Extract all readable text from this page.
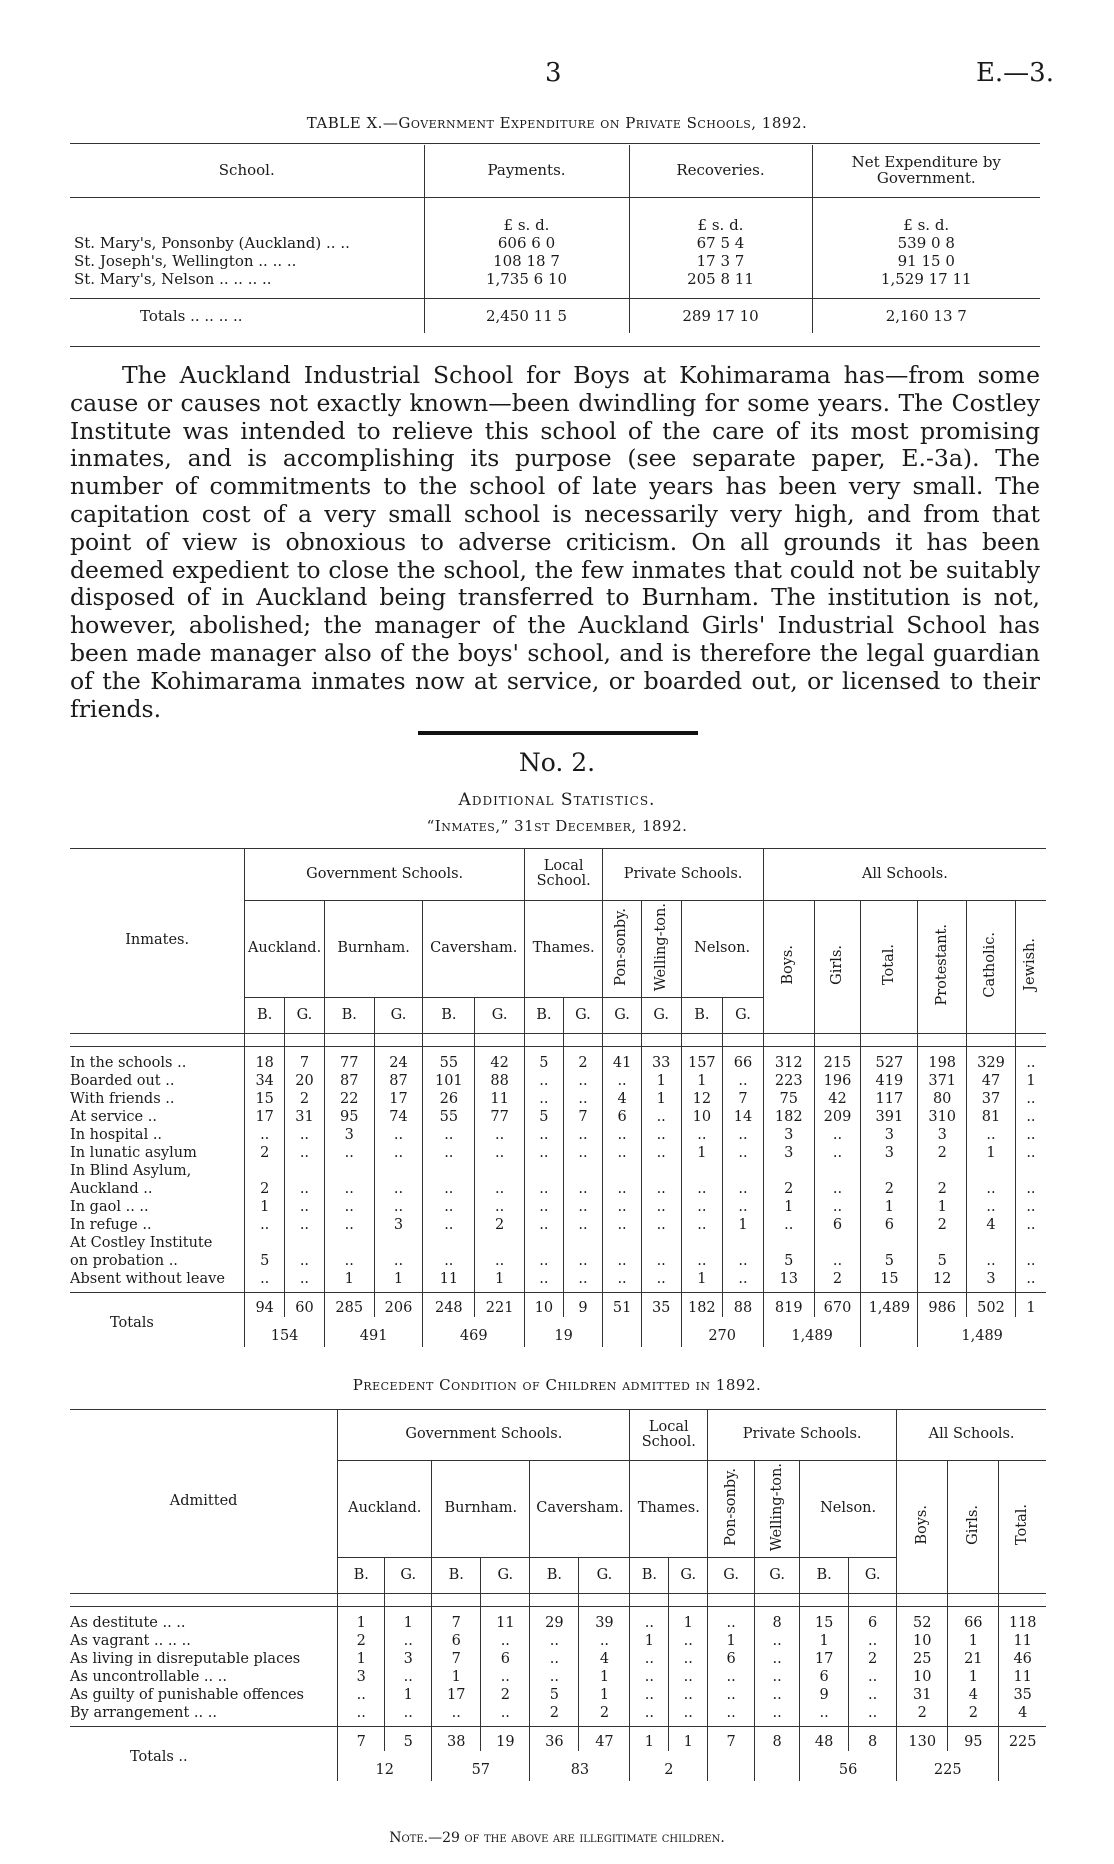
3	E.—3.
TABLE X.—Government Expenditure on Private Schools, 1892.
School.	Payments.	Recoveries.	Net Expenditure by Government.
	£ s. d.	£ s. d.	£ s. d.
St. Mary's, Ponsonby (Auckland) .. ..	606 6 0	67 5 4	539 0 8
St. Joseph's, Wellington .. .. ..	108 18 7	17 3 7	91 15 0
St. Mary's, Nelson .. .. .. ..	1,735 6 10	205 8 11	1,529 17 11
Totals .. .. .. ..	2,450 11 5	289 17 10	2,160 13 7

The Auckland Industrial School for Boys at Kohimarama has—from some cause or causes not exactly known—been dwindling for some years. The Costley Institute was intended to relieve this school of the care of its most promising inmates, and is accomplishing its purpose (see separate paper, E.-3a). The number of commitments to the school of late years has been very small. The capitation cost of a very small school is necessarily very high, and from that point of view is obnoxious to adverse criticism. On all grounds it has been deemed expedient to close the school, the few inmates that could not be suitably disposed of in Auckland being transferred to Burnham. The institution is not, however, abolished; the manager of the Auckland Girls' Industrial School has been made manager also of the boys' school, and is therefore the legal guardian of the Kohimarama inmates now at service, or boarded out, or licensed to their friends.

No. 2.
Additional Statistics.
“Inmates,” 31st December, 1892.
Inmates.	Government Schools.						Local School.		Private Schools.				All Schools.					
	Auckland.		Burnham.		Caversham.		Thames.		Pon-sonby.	Welling-ton.	Nelson.		Boys.	Girls.	Total.	Protestant.	Catholic.	Jewish.
	B.	G.	B.	G.	B.	G.	B.	G.	G.	G.	B.	G.						
In the schools ..	18	7	77	24	55	42	5	2	41	33	157	66	312	215	527	198	329	..
Boarded out ..	34	20	87	87	101	88	..	..	..	1	1	..	223	196	419	371	47	1
With friends ..	15	2	22	17	26	11	..	..	4	1	12	7	75	42	117	80	37	..
At service ..	17	31	95	74	55	77	5	7	6	..	10	14	182	209	391	310	81	..
In hospital ..	..	..	3	..	..	..	..	..	..	..	..	..	3	..	3	3	..	..
In lunatic asylum	2	..	..	..	..	..	..	..	..	..	1	..	3	..	3	2	1	..
In Blind Asylum,																		
Auckland ..	2	..	..	..	..	..	..	..	..	..	..	..	2	..	2	2	..	..
In gaol .. ..	1	..	..	..	..	..	..	..	..	..	..	..	1	..	1	1	..	..
In refuge ..	..	..	..	3	..	2	..	..	..	..	..	1	..	6	6	2	4	..
At Costley Institute																		
on probation ..	5	..	..	..	..	..	..	..	..	..	..	..	5	..	5	5	..	..
Absent without leave	..	..	1	1	11	1	..	..	..	..	1	..	13	2	15	12	3	..
Totals	94	60	285	206	248	221	10	9	51	35	182	88	819	670	1,489	986	502	1
	154		491		469		19				270		1,489			1,489		
Precedent Condition of Children admitted in 1892.
Admitted	Government Schools.						Local School.		Private Schools.				All Schools.		
	Auckland.		Burnham.		Caversham.		Thames.		Pon-sonby.	Welling-ton.	Nelson.		Boys.	Girls.	Total.
	B.	G.	B.	G.	B.	G.	B.	G.	G.	G.	B.	G.			
As destitute .. ..	1	1	7	11	29	39	..	1	..	8	15	6	52	66	118
As vagrant .. .. ..	2	..	6	..	..	..	1	..	1	..	1	..	10	1	11
As living in disreputable places	1	3	7	6	..	4	..	..	6	..	17	2	25	21	46
As uncontrollable .. ..	3	..	1	..	..	1	..	..	..	..	6	..	10	1	11
As guilty of punishable offences	..	1	17	2	5	1	..	..	..	..	9	..	31	4	35
By arrangement .. ..	..	..	..	..	2	2	..	..	..	..	..	..	2	2	4
Totals ..	7	5	38	19	36	47	1	1	7	8	48	8	130	95	225
	12		57		83		2				56		225		
Note.—29 of the above are illegitimate children.
